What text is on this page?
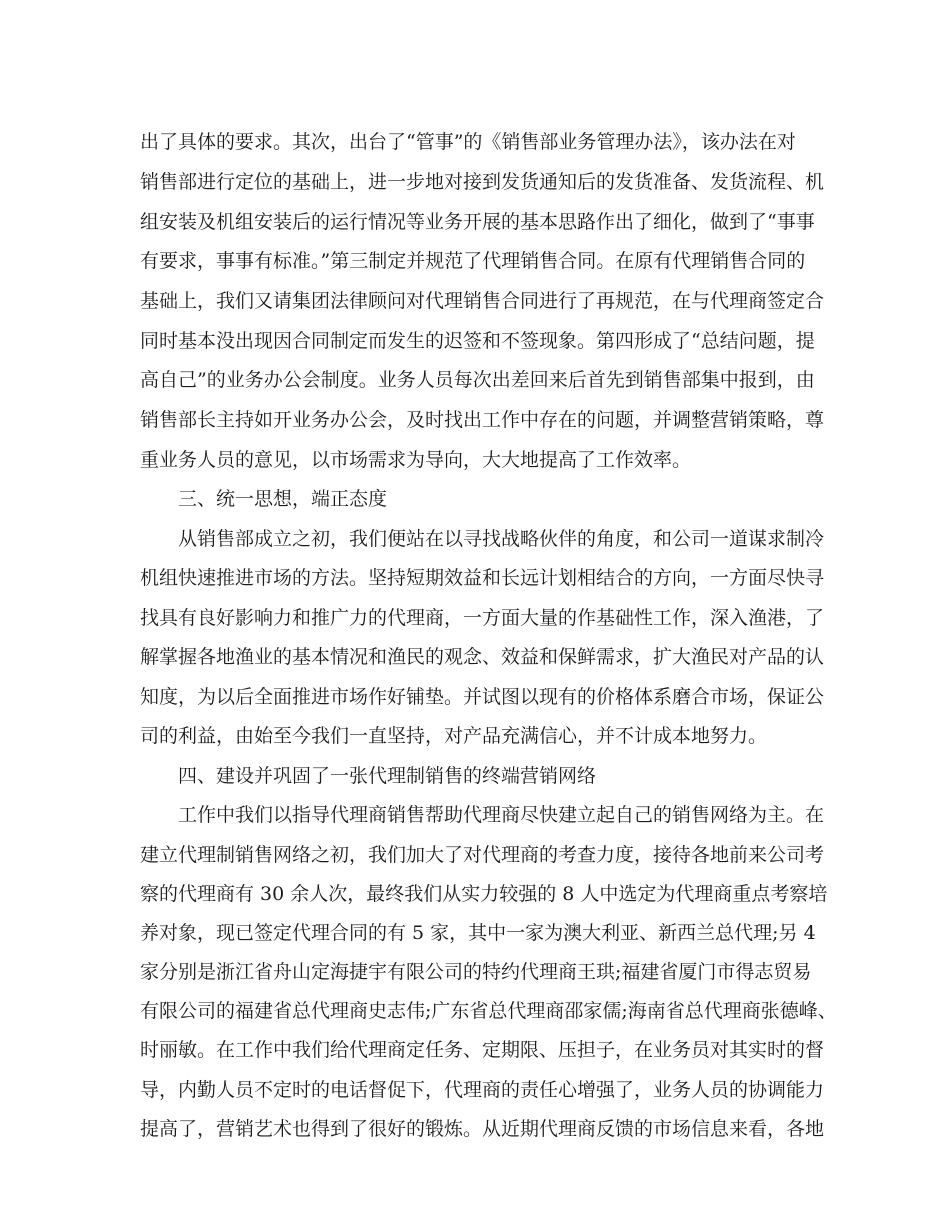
出了具体的要求。其次，出台了“管事”的《销售部业务管理办法》，该办法在对
销售部进行定位的基础上，进一步地对接到发货通知后的发货准备、发货流程、机
组安装及机组安装后的运行情况等业务开展的基本思路作出了细化，做到了“事事
有要求，事事有标准。”第三制定并规范了代理销售合同。在原有代理销售合同的
基础上，我们又请集团法律顾问对代理销售合同进行了再规范，在与代理商签定合
同时基本没出现因合同制定而发生的迟签和不签现象。第四形成了“总结问题，提
高自己”的业务办公会制度。业务人员每次出差回来后首先到销售部集中报到，由
销售部长主持如开业务办公会，及时找出工作中存在的问题，并调整营销策略，尊
重业务人员的意见，以市场需求为导向，大大地提高了工作效率。
三、统一思想，端正态度
从销售部成立之初，我们便站在以寻找战略伙伴的角度，和公司一道谋求制冷
机组快速推进市场的方法。坚持短期效益和长远计划相结合的方向，一方面尽快寻
找具有良好影响力和推广力的代理商，一方面大量的作基础性工作，深入渔港，了
解掌握各地渔业的基本情况和渔民的观念、效益和保鲜需求，扩大渔民对产品的认
知度，为以后全面推进市场作好铺垫。并试图以现有的价格体系磨合市场，保证公
司的利益，由始至今我们一直坚持，对产品充满信心，并不计成本地努力。
四、建设并巩固了一张代理制销售的终端营销网络
工作中我们以指导代理商销售帮助代理商尽快建立起自己的销售网络为主。在
建立代理制销售网络之初，我们加大了对代理商的考查力度，接待各地前来公司考
察的代理商有 30 余人次，最终我们从实力较强的 8 人中选定为代理商重点考察培
养对象，现已签定代理合同的有 5 家，其中一家为澳大利亚、新西兰总代理;另 4
家分别是浙江省舟山定海捷宇有限公司的特约代理商王珙;福建省厦门市得志贸易
有限公司的福建省总代理商史志伟;广东省总代理商邵家儒;海南省总代理商张德峰、
时丽敏。在工作中我们给代理商定任务、定期限、压担子，在业务员对其实时的督
导，内勤人员不定时的电话督促下，代理商的责任心增强了，业务人员的协调能力
提高了，营销艺术也得到了很好的锻炼。从近期代理商反馈的市场信息来看，各地
